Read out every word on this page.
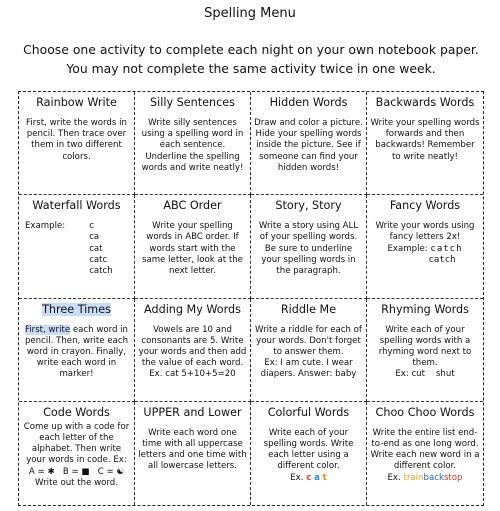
Spelling Menu
Choose one activity to complete each night on your own notebook paper. You may not complete the same activity twice in one week.
Rainbow Write
First, write the words in pencil. Then trace over them in two different colors.
Silly Sentences
Write silly sentences using a spelling word in each sentence. Underline the spelling words and write neatly!
Hidden Words
Draw and color a picture. Hide your spelling words inside the picture. See if someone can find your hidden words!
Backwards Words
Write your spelling words forwards and then backwards! Remember to write neatly!
Waterfall Words
Example:	c
ca
cat
catc
catch
ABC Order
Write your spelling words in ABC order. If words start with the same letter, look at the next letter.
Story, Story
Write a story using ALL of your spelling words. Be sure to underline your spelling words in the paragraph.
Fancy Words
Write your words using fancy letters 2x!
Example: catch
catch
Three Times
First, write each word in pencil. Then, write each word in crayon. Finally, write each word in marker!
Adding My Words
Vowels are 10 and consonants are 5. Write your words and then add the value of each word.
Ex. cat 5+10+5=20
Riddle Me
Write a riddle for each of your words. Don't forget to answer them.
Ex: I am cute. I wear diapers. Answer: baby
Rhyming Words
Write each of your spelling words with a rhyming word next to them.
Ex: cut    shut
Code Words
Come up with a code for each letter of the alphabet. Then write your words in code. Ex:
A = ✱   B = ■   C = ☯
Write out the word.
UPPER and Lower
Write each word one time with all uppercase letters and one time with all lowercase letters.
Colorful Words
Write each of your spelling words. Write each letter using a different color.
Ex. c a t
Choo Choo Words
Write the entire list end-to-end as one long word. Write each new word in a different color.
Ex. trainbackstop
